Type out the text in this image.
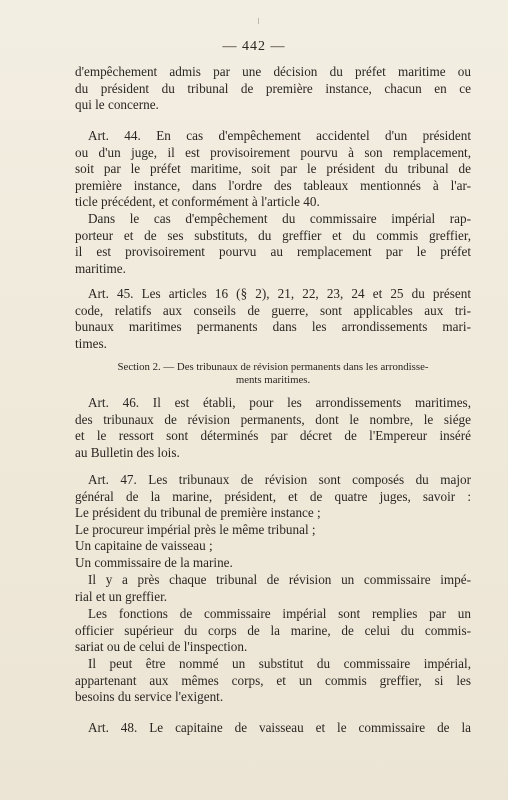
— 442 —
d'empêchement admis par une décision du préfet maritime ou
du président du tribunal de première instance, chacun en ce
qui le concerne.
Art. 44. En cas d'empêchement accidentel d'un président
ou d'un juge, il est provisoirement pourvu à son remplacement,
soit par le préfet maritime, soit par le président du tribunal de
première instance, dans l'ordre des tableaux mentionnés à l'ar-
ticle précédent, et conformément à l'article 40.
Dans le cas d'empêchement du commissaire impérial rap-
porteur et de ses substituts, du greffier et du commis greffier,
il est provisoirement pourvu au remplacement par le préfet
maritime.
Art. 45. Les articles 16 (§ 2), 21, 22, 23, 24 et 25 du présent
code, relatifs aux conseils de guerre, sont applicables aux tri-
bunaux maritimes permanents dans les arrondissements mari-
times.
Section 2. — Des tribunaux de révision permanents dans les arrondisse-
ments maritimes.
Art. 46. Il est établi, pour les arrondissements maritimes,
des tribunaux de révision permanents, dont le nombre, le siége
et le ressort sont déterminés par décret de l'Empereur inséré
au Bulletin des lois.
Art. 47. Les tribunaux de révision sont composés du major
général de la marine, président, et de quatre juges, savoir :
Le président du tribunal de première instance ;
Le procureur impérial près le même tribunal ;
Un capitaine de vaisseau ;
Un commissaire de la marine.
Il y a près chaque tribunal de révision un commissaire impé-
rial et un greffier.
Les fonctions de commissaire impérial sont remplies par un
officier supérieur du corps de la marine, de celui du commis-
sariat ou de celui de l'inspection.
Il peut être nommé un substitut du commissaire impérial,
appartenant aux mêmes corps, et un commis greffier, si les
besoins du service l'exigent.
Art. 48. Le capitaine de vaisseau et le commissaire de la
